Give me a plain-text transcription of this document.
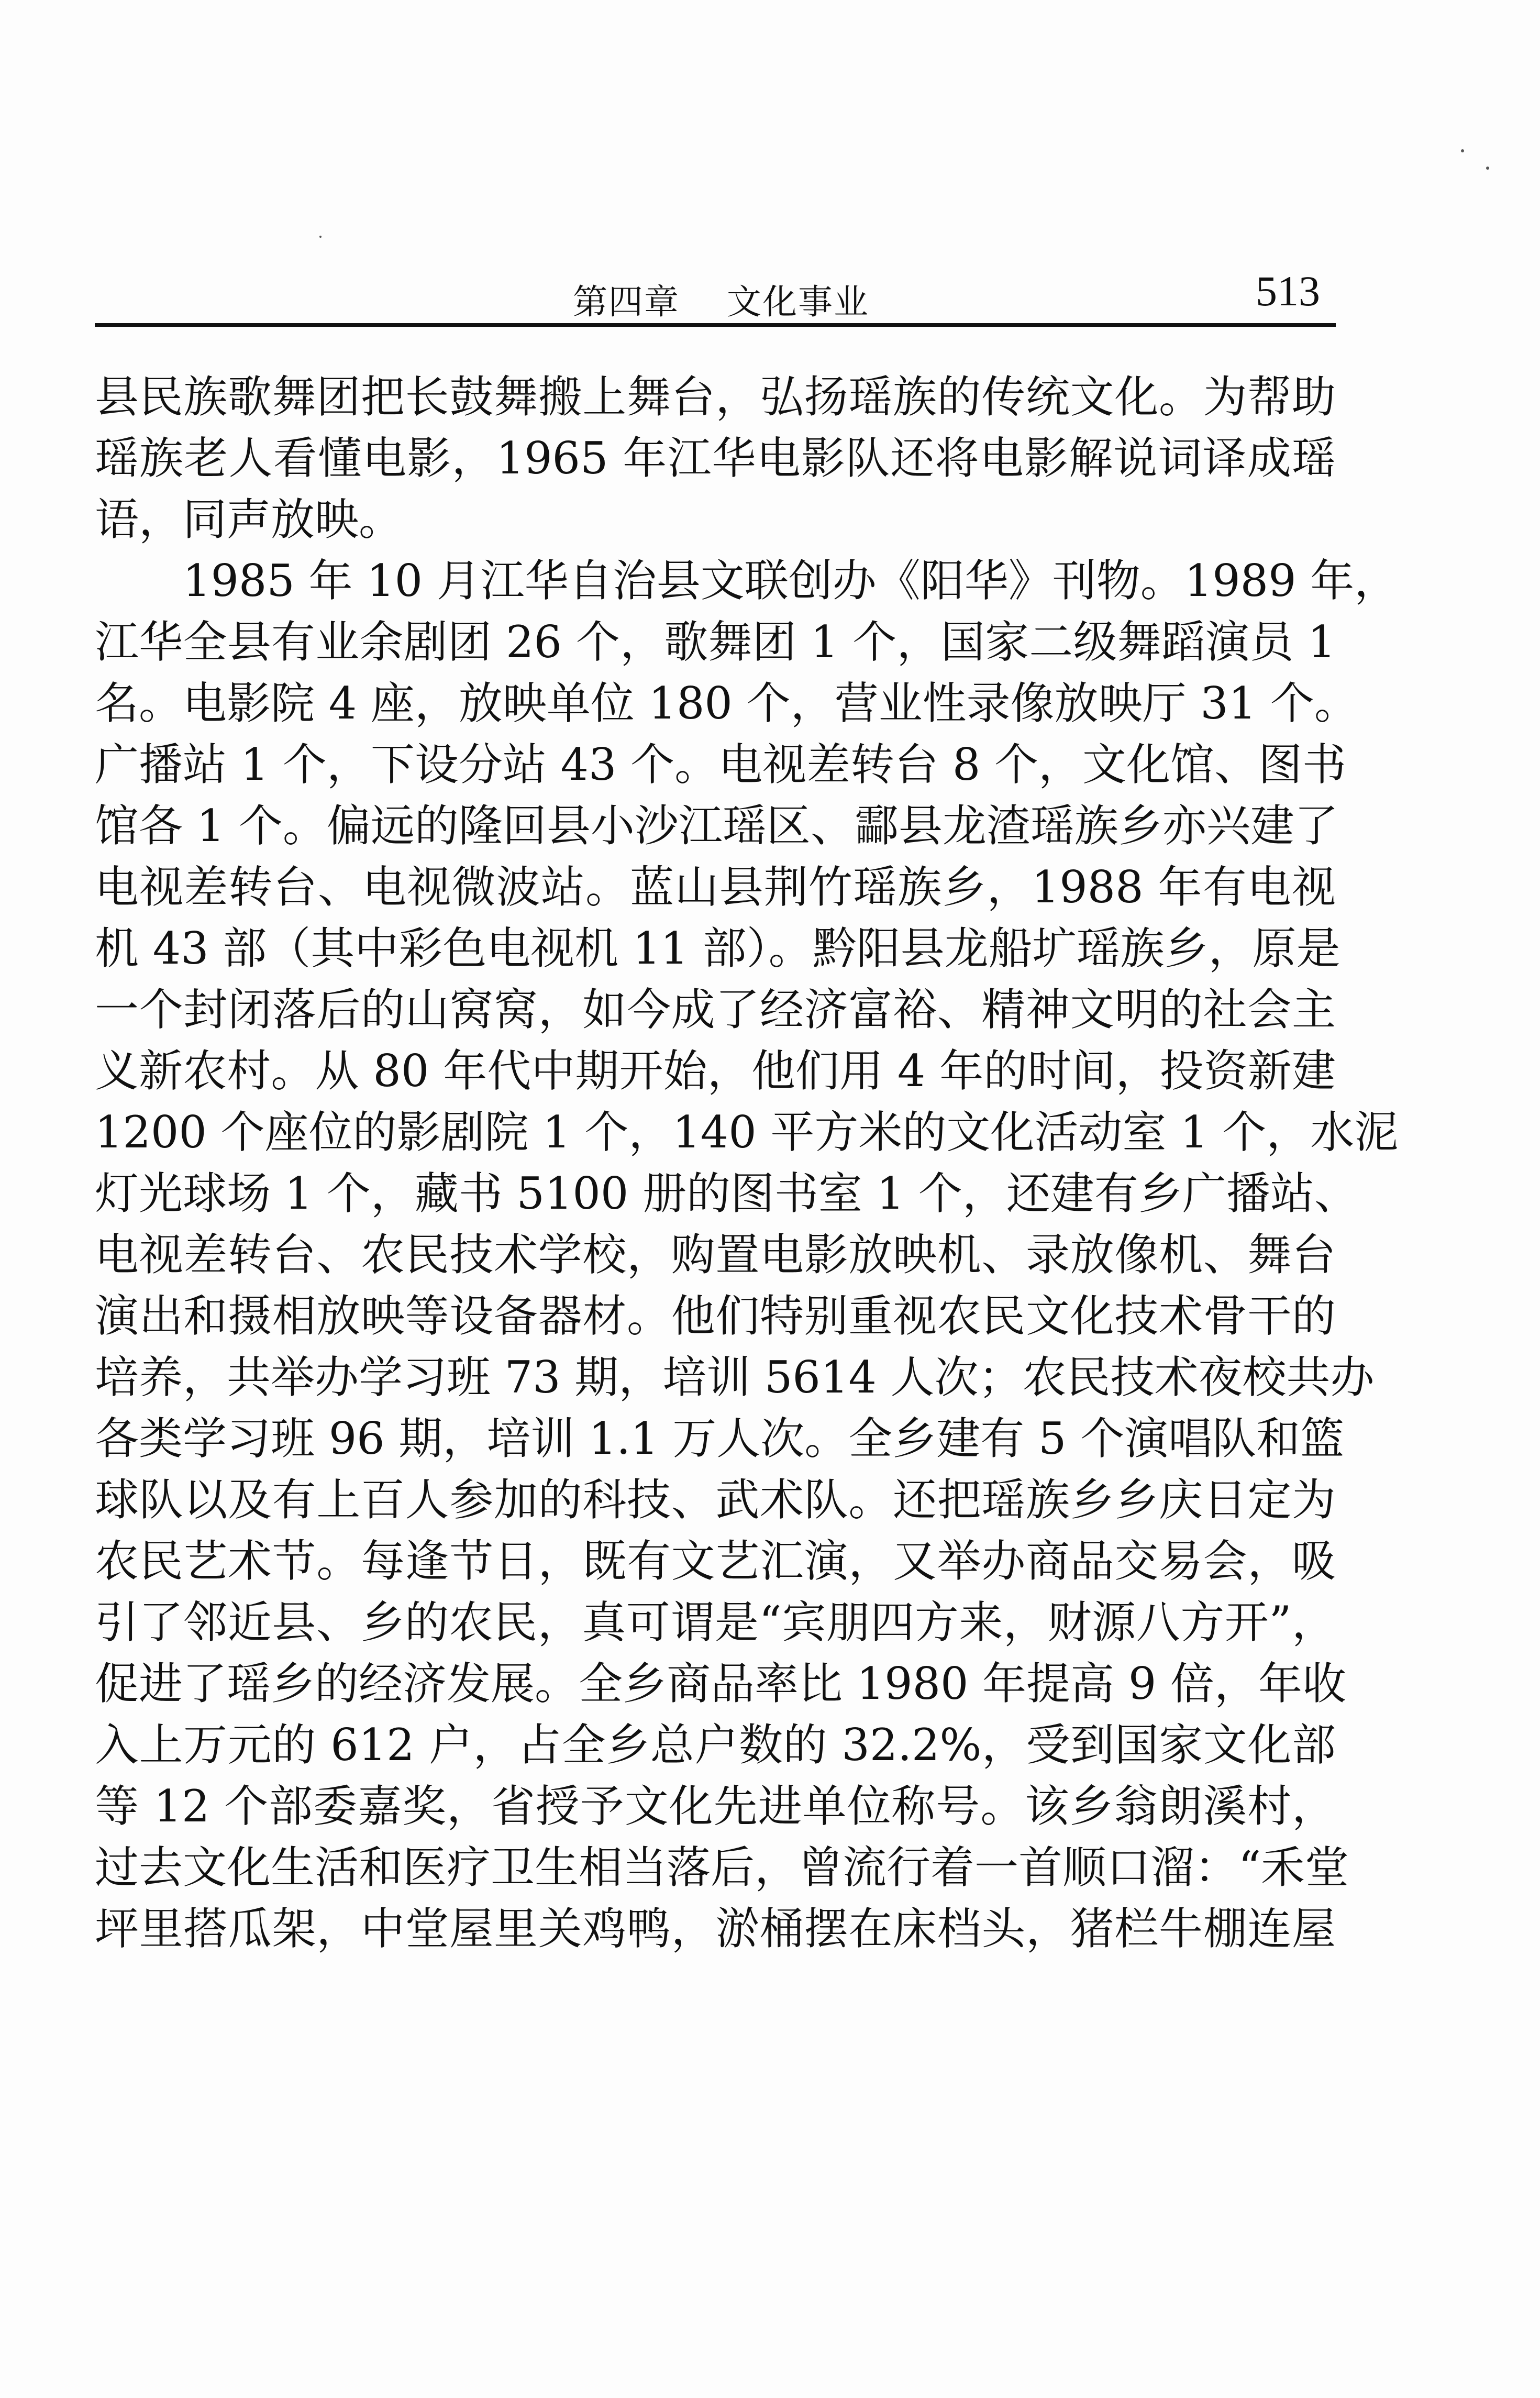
第四章 文化事业	513
县民族歌舞团把长鼓舞搬上舞台，弘扬瑶族的传统文化。为帮助
瑶族老人看懂电影，1965 年江华电影队还将电影解说词译成瑶
语，同声放映。
1985 年 10 月江华自治县文联创办《阳华》刊物。1989 年，
江华全县有业余剧团 26 个，歌舞团 1 个，国家二级舞蹈演员 1
名。电影院 4 座，放映单位 180 个，营业性录像放映厅 31 个。
广播站 1 个，下设分站 43 个。电视差转台 8 个，文化馆、图书
馆各 1 个。偏远的隆回县小沙江瑶区、酃县龙渣瑶族乡亦兴建了
电视差转台、电视微波站。蓝山县荆竹瑶族乡，1988 年有电视
机 43 部（其中彩色电视机 11 部）。黔阳县龙船圹瑶族乡，原是
一个封闭落后的山窝窝，如今成了经济富裕、精神文明的社会主
义新农村。从 80 年代中期开始，他们用 4 年的时间，投资新建
1200 个座位的影剧院 1 个，140 平方米的文化活动室 1 个，水泥
灯光球场 1 个，藏书 5100 册的图书室 1 个，还建有乡广播站、
电视差转台、农民技术学校，购置电影放映机、录放像机、舞台
演出和摄相放映等设备器材。他们特别重视农民文化技术骨干的
培养，共举办学习班 73 期，培训 5614 人次；农民技术夜校共办
各类学习班 96 期，培训 1.1 万人次。全乡建有 5 个演唱队和篮
球队以及有上百人参加的科技、武术队。还把瑶族乡乡庆日定为
农民艺术节。每逢节日，既有文艺汇演，又举办商品交易会，吸
引了邻近县、乡的农民，真可谓是“宾朋四方来，财源八方开”，
促进了瑶乡的经济发展。全乡商品率比 1980 年提高 9 倍，年收
入上万元的 612 户，占全乡总户数的 32.2%，受到国家文化部
等 12 个部委嘉奖，省授予文化先进单位称号。该乡翁朗溪村，
过去文化生活和医疗卫生相当落后，曾流行着一首顺口溜：“禾堂
坪里搭瓜架，中堂屋里关鸡鸭，淤桶摆在床档头，猪栏牛棚连屋
